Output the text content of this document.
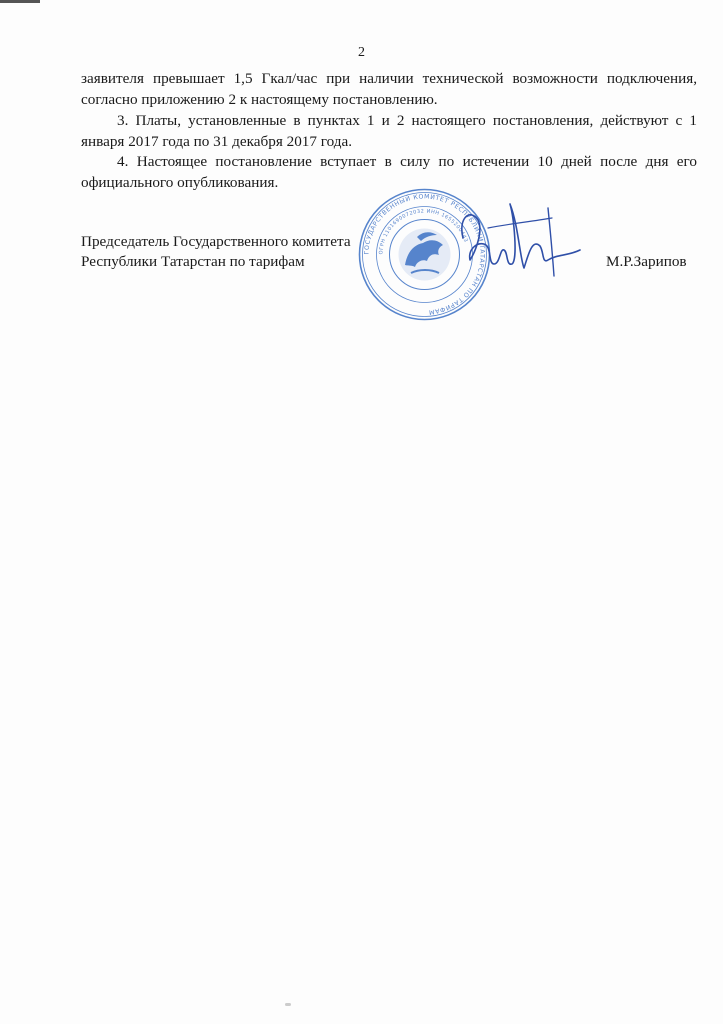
2

заявителя превышает 1,5 Гкал/час при наличии технической возможности подключения, согласно приложению 2 к настоящему постановлению.

3. Платы, установленные в пунктах 1 и 2 настоящего постановления, действуют с 1 января 2017 года по 31 декабря 2017 года.

4. Настоящее постановление вступает в силу по истечении 10 дней после дня его официального опубликования.

ГОСУДАРСТВЕННЫЙ КОМИТЕТ РЕСПУБЛИКИ ТАТАРСТАН ПО ТАРИФАМ
ОГРН 1101690072032 ИНН 1655200443
Председатель Государственного комитета
Республики Татарстан по тарифам	М.Р.Зарипов
